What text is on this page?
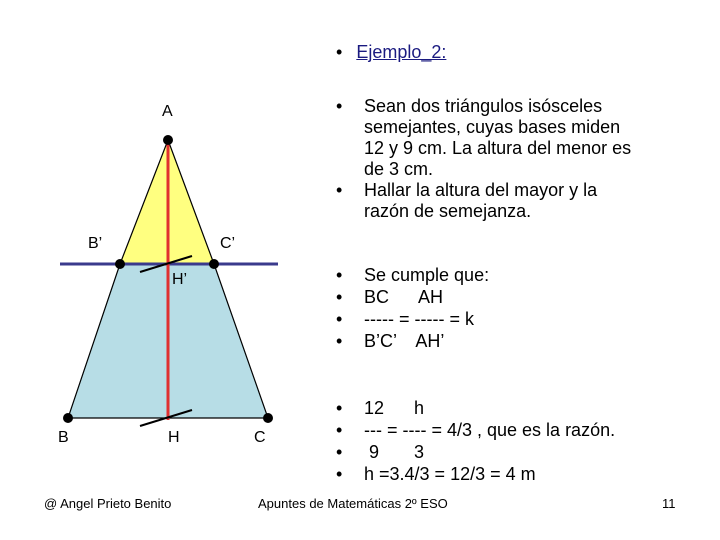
A
B’	C’
H’
B	H	C
• Ejemplo_2:
• Sean dos triángulos isósceles
semejantes, cuyas bases miden
12 y 9 cm. La altura del menor es
de 3 cm.
• Hallar la altura del mayor y la
razón de semejanza.
• Se cumple que:
• BC      AH
• ----- = ----- = k
• B’C’    AH’
• 12      h
• --- = ---- = 4/3 , que es la razón.
• 9       3
• h =3.4/3 = 12/3 = 4 m
@ Angel Prieto Benito	Apuntes de Matemáticas 2º ESO	11
